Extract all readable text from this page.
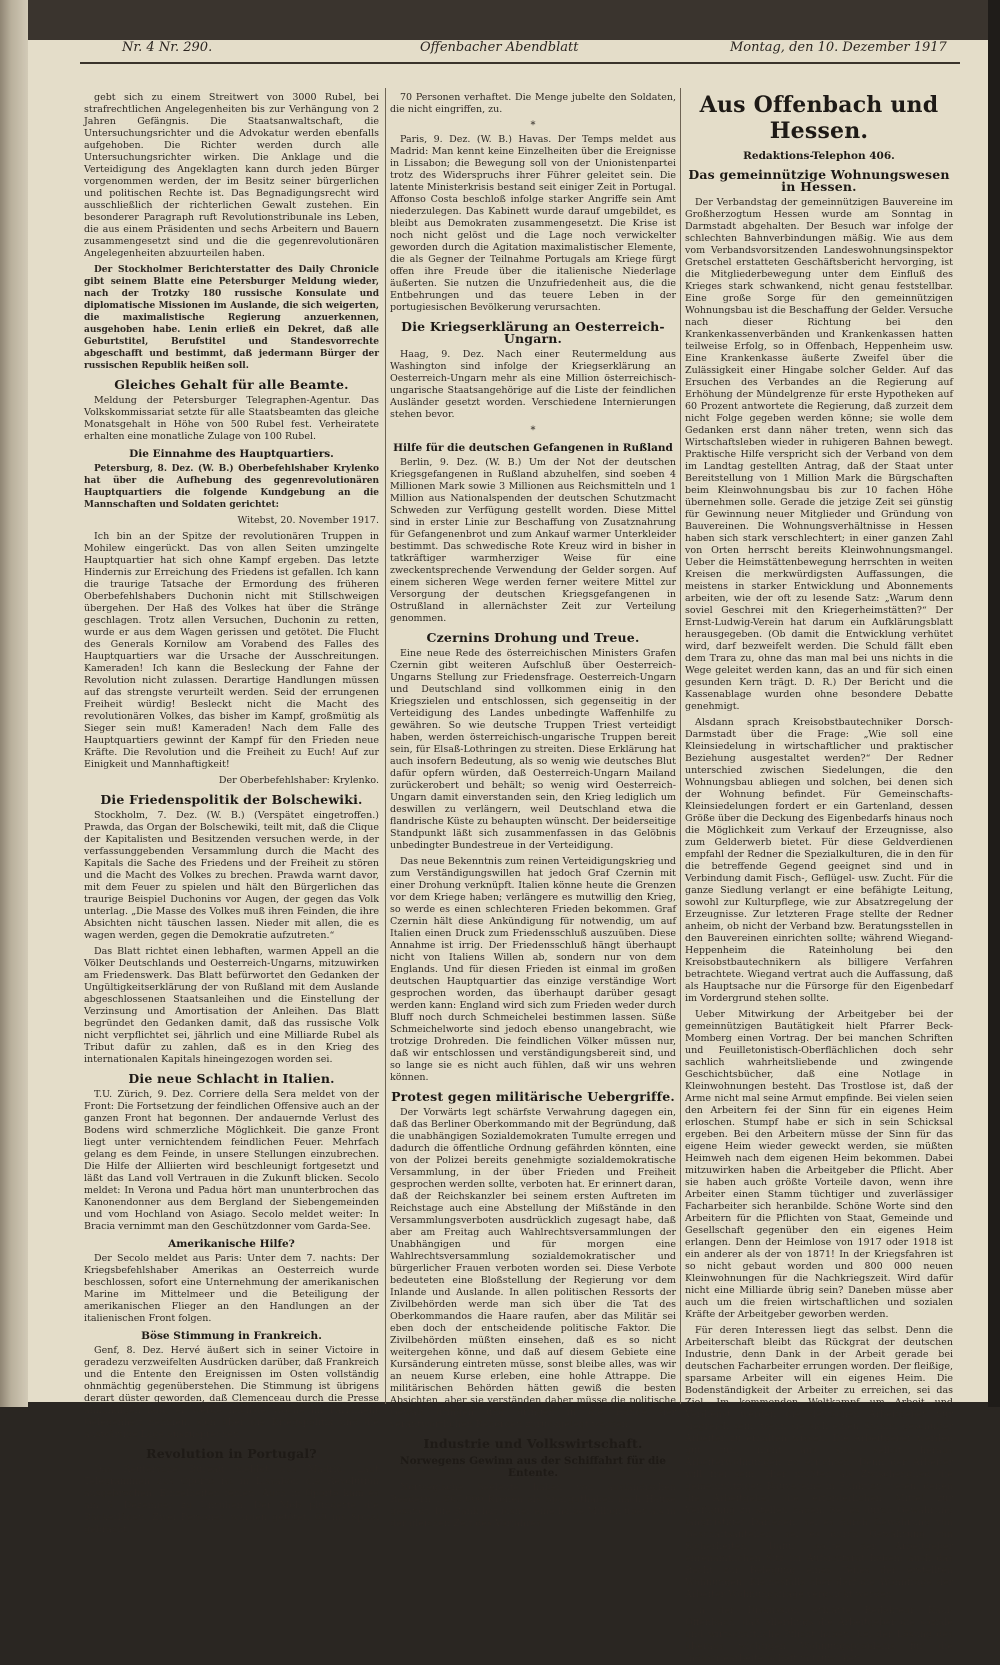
Nr. 4 Nr. 290.	Offenbacher Abendblatt	Montag, den 10. Dezember 1917

gebt sich zu einem Streitwert von 3000 Rubel, bei strafrechtlichen Angelegenheiten bis zur Verhängung von 2 Jahren Gefängnis. Die Staatsanwaltschaft, die Untersuchungsrichter und die Advokatur werden ebenfalls aufgehoben. Die Richter werden durch alle Untersuchungsrichter wirken. Die Anklage und die Verteidigung des Angeklagten kann durch jeden Bürger vorgenommen werden, der im Besitz seiner bürgerlichen und politischen Rechte ist. Das Begnadigungsrecht wird ausschließlich der richterlichen Gewalt zustehen. Ein besonderer Paragraph ruft Revolutionstribunale ins Leben, die aus einem Präsidenten und sechs Arbeitern und Bauern zusammengesetzt sind und die die gegenrevolutionären Angelegenheiten abzuurteilen haben.

Der Stockholmer Berichterstatter des Daily Chronicle gibt seinem Blatte eine Petersburger Meldung wieder, nach der Trotzky 180 russische Konsulate und diplomatische Missionen im Auslande, die sich weigerten, die maximalistische Regierung anzuerkennen, ausgehoben habe. Lenin erließ ein Dekret, daß alle Geburtstitel, Berufstitel und Standesvorrechte abgeschafft und bestimmt, daß jedermann Bürger der russischen Republik heißen soll.

Gleiches Gehalt für alle Beamte.

Meldung der Petersburger Telegraphen-Agentur. Das Volkskommissariat setzte für alle Staatsbeamten das gleiche Monatsgehalt in Höhe von 500 Rubel fest. Verheiratete erhalten eine monatliche Zulage von 100 Rubel.

Die Einnahme des Hauptquartiers.

Petersburg, 8. Dez. (W. B.) Oberbefehlshaber Krylenko hat über die Aufhebung des gegenrevolutionären Hauptquartiers die folgende Kundgebung an die Mannschaften und Soldaten gerichtet:

Witebst, 20. November 1917.

Ich bin an der Spitze der revolutionären Truppen in Mohilew eingerückt. Das von allen Seiten umzingelte Hauptquartier hat sich ohne Kampf ergeben. Das letzte Hindernis zur Erreichung des Friedens ist gefallen. Ich kann die traurige Tatsache der Ermordung des früheren Oberbefehlshabers Duchonin nicht mit Stillschweigen übergehen. Der Haß des Volkes hat über die Stränge geschlagen. Trotz allen Versuchen, Duchonin zu retten, wurde er aus dem Wagen gerissen und getötet. Die Flucht des Generals Kornilow am Vorabend des Falles des Hauptquartiers war die Ursache der Ausschreitungen. Kameraden! Ich kann die Besleckung der Fahne der Revolution nicht zulassen. Derartige Handlungen müssen auf das strengste verurteilt werden. Seid der errungenen Freiheit würdig! Besleckt nicht die Macht des revolutionären Volkes, das bisher im Kampf, großmütig als Sieger sein muß! Kameraden! Nach dem Falle des Hauptquartiers gewinnt der Kampf für den Frieden neue Kräfte. Die Revolution und die Freiheit zu Euch! Auf zur Einigkeit und Mannhaftigkeit!

Der Oberbefehlshaber: Krylenko.
Die Friedenspolitik der Bolschewiki.

Stockholm, 7. Dez. (W. B.) (Verspätet eingetroffen.) Prawda, das Organ der Bolschewiki, teilt mit, daß die Clique der Kapitalisten und Besitzenden versuchen werde, in der verfassunggebenden Versammlung durch die Macht des Kapitals die Sache des Friedens und der Freiheit zu stören und die Macht des Volkes zu brechen. Prawda warnt davor, mit dem Feuer zu spielen und hält den Bürgerlichen das traurige Beispiel Duchonins vor Augen, der gegen das Volk unterlag. „Die Masse des Volkes muß ihren Feinden, die ihre Absichten nicht täuschen lassen. Nieder mit allen, die es wagen werden, gegen die Demokratie aufzutreten.“

Das Blatt richtet einen lebhaften, warmen Appell an die Völker Deutschlands und Oesterreich-Ungarns, mitzuwirken am Friedenswerk. Das Blatt befürwortet den Gedanken der Ungültigkeitserklärung der von Rußland mit dem Auslande abgeschlossenen Staatsanleihen und die Einstellung der Verzinsung und Amortisation der Anleihen. Das Blatt begründet den Gedanken damit, daß das russische Volk nicht verpflichtet sei, jährlich und eine Milliarde Rubel als Tribut dafür zu zahlen, daß es in den Krieg des internationalen Kapitals hineingezogen worden sei.

Die neue Schlacht in Italien.

T.U. Zürich, 9. Dez. Corriere della Sera meldet von der Front: Die Fortsetzung der feindlichen Offensive auch an der ganzen Front hat begonnen. Der andauernde Verlust des Bodens wird schmerzliche Möglichkeit. Die ganze Front liegt unter vernichtendem feindlichen Feuer. Mehrfach gelang es dem Feinde, in unsere Stellungen einzubrechen. Die Hilfe der Alliierten wird beschleunigt fortgesetzt und läßt das Land voll Vertrauen in die Zukunft blicken. Secolo meldet: In Verona und Padua hört man ununterbrochen das Kanonendonner aus dem Bergland der Siebengemeinden und vom Hochland von Asiago. Secolo meldet weiter: In Bracia vernimmt man den Geschützdonner vom Garda-See.

Amerikanische Hilfe?

Der Secolo meldet aus Paris: Unter dem 7. nachts: Der Kriegsbefehlshaber Amerikas an Oesterreich wurde beschlossen, sofort eine Unternehmung der amerikanischen Marine im Mittelmeer und die Beteiligung der amerikanischen Flieger an den Handlungen an der italienischen Front folgen.

Böse Stimmung in Frankreich.

Genf, 8. Dez. Hervé äußert sich in seiner Victoire in geradezu verzweifelten Ausdrücken darüber, daß Frankreich und die Entente den Ereignissen im Osten vollständig ohnmächtig gegenüberstehen. Die Stimmung ist übrigens derart düster geworden, daß Clemenceau durch die Presse ankündigen läßt, er werde nächste Woche im Parlament Gelegenheit nehmen, sich über die Kriegspolitik und die auswärtige Lage auszusprechen.

Revolution in Portugal?

Das Reutersche Bureau meldet aus Madrid: Laut Telegrammen aus Oporto ist in Lissabon die Revolution ausgebrochen. Einzelheiten fehlen. Auch in Oporto kam es am 5. Dezember zu Unruhen. Der Mob plünderte die Bäckerläden. Zwei Personen wurden getötet, 60 ins Spital gebracht.

70 Personen verhaftet. Die Menge jubelte den Soldaten, die nicht eingriffen, zu.

*

Paris, 9. Dez. (W. B.) Havas. Der Temps meldet aus Madrid: Man kennt keine Einzelheiten über die Ereignisse in Lissabon; die Bewegung soll von der Unionistenpartei trotz des Widerspruchs ihrer Führer geleitet sein. Die latente Ministerkrisis bestand seit einiger Zeit in Portugal. Affonso Costa beschloß infolge starker Angriffe sein Amt niederzulegen. Das Kabinett wurde darauf umgebildet, es bleibt aus Demokraten zusammengesetzt. Die Krise ist noch nicht gelöst und die Lage noch verwickelter geworden durch die Agitation maximalistischer Elemente, die als Gegner der Teilnahme Portugals am Kriege fürgt offen ihre Freude über die italienische Niederlage äußerten. Sie nutzen die Unzufriedenheit aus, die die Entbehrungen und das teuere Leben in der portugiesischen Bevölkerung verursachten.

Die Kriegserklärung an Oesterreich-Ungarn.

Haag, 9. Dez. Nach einer Reutermeldung aus Washington sind infolge der Kriegserklärung an Oesterreich-Ungarn mehr als eine Million österreichisch-ungarische Staatsangehörige auf die Liste der feindlichen Ausländer gesetzt worden. Verschiedene Internierungen stehen bevor.

*
Hilfe für die deutschen Gefangenen in Rußland

Berlin, 9. Dez. (W. B.) Um der Not der deutschen Kriegsgefangenen in Rußland abzuhelfen, sind soeben 4 Millionen Mark sowie 3 Millionen aus Reichsmitteln und 1 Million aus Nationalspenden der deutschen Schutzmacht Schweden zur Verfügung gestellt worden. Diese Mittel sind in erster Linie zur Beschaffung von Zusatznahrung für Gefangenenbrot und zum Ankauf warmer Unterkleider bestimmt. Das schwedische Rote Kreuz wird in bisher in tatkräftiger warmherziger Weise für eine zweckentsprechende Verwendung der Gelder sorgen. Auf einem sicheren Wege werden ferner weitere Mittel zur Versorgung der deutschen Kriegsgefangenen in Ostrußland in allernächster Zeit zur Verteilung genommen.

Czernins Drohung und Treue.

Eine neue Rede des österreichischen Ministers Grafen Czernin gibt weiteren Aufschluß über Oesterreich-Ungarns Stellung zur Friedensfrage. Oesterreich-Ungarn und Deutschland sind vollkommen einig in den Kriegszielen und entschlossen, sich gegenseitig in der Verteidigung des Landes unbedingte Waffenhilfe zu gewähren. So wie deutsche Truppen Triest verteidigt haben, werden österreichisch-ungarische Truppen bereit sein, für Elsaß-Lothringen zu streiten. Diese Erklärung hat auch insofern Bedeutung, als so wenig wie deutsches Blut dafür opfern würden, daß Oesterreich-Ungarn Mailand zurückerobert und behält; so wenig wird Oesterreich-Ungarn damit einverstanden sein, den Krieg lediglich um deswillen zu verlängern, weil Deutschland etwa die flandrische Küste zu behaupten wünscht. Der beiderseitige Standpunkt läßt sich zusammenfassen in das Gelöbnis unbedingter Bundestreue in der Verteidigung.

Das neue Bekenntnis zum reinen Verteidigungskrieg und zum Verständigungswillen hat jedoch Graf Czernin mit einer Drohung verknüpft. Italien könne heute die Grenzen vor dem Kriege haben; verlängere es mutwillig den Krieg, so werde es einen schlechteren Frieden bekommen. Graf Czernin hält diese Ankündigung für notwendig, um auf Italien einen Druck zum Friedensschluß auszuüben. Diese Annahme ist irrig. Der Friedensschluß hängt überhaupt nicht von Italiens Willen ab, sondern nur von dem Englands. Und für diesen Frieden ist einmal im großen deutschen Hauptquartier das einzige verständige Wort gesprochen worden, das überhaupt darüber gesagt werden kann: England wird sich zum Frieden weder durch Bluff noch durch Schmeichelei bestimmen lassen. Süße Schmeichelworte sind jedoch ebenso unangebracht, wie trotzige Drohreden. Die feindlichen Völker müssen nur, daß wir entschlossen und verständigungsbereit sind, und so lange sie es nicht auch fühlen, daß wir uns wehren können.

Protest gegen militärische Uebergriffe.

Der Vorwärts legt schärfste Verwahrung dagegen ein, daß das Berliner Oberkommando mit der Begründung, daß die unabhängigen Sozialdemokraten Tumulte erregen und dadurch die öffentliche Ordnung gefährden könnten, eine von der Polizei bereits genehmigte sozialdemokratische Versammlung, in der über Frieden und Freiheit gesprochen werden sollte, verboten hat. Er erinnert daran, daß der Reichskanzler bei seinem ersten Auftreten im Reichstage auch eine Abstellung der Mißstände in den Versammlungsverboten ausdrücklich zugesagt habe, daß aber am Freitag auch Wahlrechtsversammlungen der Unabhängigen und für morgen eine Wahlrechtsversammlung sozialdemokratischer und bürgerlicher Frauen verboten worden sei. Diese Verbote bedeuteten eine Bloßstellung der Regierung vor dem Inlande und Auslande. In allen politischen Ressorts der Zivilbehörden werde man sich über die Tat des Oberkommandos die Haare raufen, aber das Militär sei eben doch der entscheidende politische Faktor. Die Zivilbehörden müßten einsehen, daß es so nicht weitergehen könne, und daß auf diesem Gebiete eine Kursänderung eintreten müsse, sonst bleibe alles, was wir an neuem Kurse erleben, eine hohle Attrappe. Die militärischen Behörden hätten gewiß die besten Absichten, aber sie verständen daher müsse die politische Gewalt dringen und dringen in die Hände der verantwortlichen Behörden zurückgelegt werden.

Industrie und Volkswirtschaft.
Norwegens Gewinn aus der Schiffahrt für die Entente.

Norwegische Seeleute haben von ausländischen Reedern 1.865.000 Kronen als Sparguthaben nach Hause gesandt. Die Bank hat bisher eine halbe Million über als in der gleichen Zeit des Vorjahres.

Aus Offenbach und Hessen.
Redaktions-Telephon 406.
Das gemeinnützige Wohnungswesen in Hessen.

Der Verbandstag der gemeinnützigen Bauvereine im Großherzogtum Hessen wurde am Sonntag in Darmstadt abgehalten. Der Besuch war infolge der schlechten Bahnverbindungen mäßig. Wie aus dem vom Verbandsvorsitzenden Landeswohnungsinspektor Gretschel erstatteten Geschäftsbericht hervorging, ist die Mitgliederbewegung unter dem Einfluß des Krieges stark schwankend, nicht genau feststellbar. Eine große Sorge für den gemeinnützigen Wohnungsbau ist die Beschaffung der Gelder. Versuche nach dieser Richtung bei den Krankenkassenverbänden und Krankenkassen hatten teilweise Erfolg, so in Offenbach, Heppenheim usw. Eine Krankenkasse äußerte Zweifel über die Zulässigkeit einer Hingabe solcher Gelder. Auf das Ersuchen des Verbandes an die Regierung auf Erhöhung der Mündelgrenze für erste Hypotheken auf 60 Prozent antwortete die Regierung, daß zurzeit dem nicht Folge gegeben werden könne; sie wolle dem Gedanken erst dann näher treten, wenn sich das Wirtschaftsleben wieder in ruhigeren Bahnen bewegt. Praktische Hilfe verspricht sich der Verband von dem im Landtag gestellten Antrag, daß der Staat unter Bereitstellung von 1 Million Mark die Bürgschaften beim Kleinwohnungsbau bis zur 10 fachen Höhe übernehmen solle. Gerade die jetzige Zeit sei günstig für Gewinnung neuer Mitglieder und Gründung von Bauvereinen. Die Wohnungsverhältnisse in Hessen haben sich stark verschlechtert; in einer ganzen Zahl von Orten herrscht bereits Kleinwohnungsmangel. Ueber die Heimstättenbewegung herrschten in weiten Kreisen die merkwürdigsten Auffassungen, die meistens in starker Entwicklung und Abonnements arbeiten, wie der oft zu lesende Satz: „Warum denn soviel Geschrei mit den Kriegerheimstätten?“ Der Ernst-Ludwig-Verein hat darum ein Aufklärungsblatt herausgegeben. (Ob damit die Entwicklung verhütet wird, darf bezweifelt werden. Die Schuld fällt eben dem Trara zu, ohne das man mal bei uns nichts in die Wege geleitet werden kann, das an und für sich einen gesunden Kern trägt. D. R.) Der Bericht und die Kassenablage wurden ohne besondere Debatte genehmigt.

Alsdann sprach Kreisobstbautechniker Dorsch-Darmstadt über die Frage: „Wie soll eine Kleinsiedelung in wirtschaftlicher und praktischer Beziehung ausgestaltet werden?“ Der Redner unterschied zwischen Siedelungen, die den Wohnungsbau abliegen und solchen, bei denen sich der Wohnung befindet. Für Gemeinschafts-Kleinsiedelungen fordert er ein Gartenland, dessen Größe über die Deckung des Eigenbedarfs hinaus noch die Möglichkeit zum Verkauf der Erzeugnisse, also zum Gelderwerb bietet. Für diese Geldverdienen empfahl der Redner die Spezialkulturen, die in den für die betreffende Gegend geeignet sind und in Verbindung damit Fisch-, Geflügel- usw. Zucht. Für die ganze Siedlung verlangt er eine befähigte Leitung, sowohl zur Kulturpflege, wie zur Absatzregelung der Erzeugnisse. Zur letzteren Frage stellte der Redner anheim, ob nicht der Verband bzw. Beratungsstellen in den Bauvereinen einrichten sollte; während Wiegand-Heppenheim die Rateinholung bei den Kreisobstbautechnikern als billigere Verfahren betrachtete. Wiegand vertrat auch die Auffassung, daß als Hauptsache nur die Fürsorge für den Eigenbedarf im Vordergrund stehen sollte.

Ueber Mitwirkung der Arbeitgeber bei der gemeinnützigen Bautätigkeit hielt Pfarrer Beck-Momberg einen Vortrag. Der bei manchen Schriften und Feuilletonistisch-Oberflächlichen doch sehr sachlich wahrheitsliebende und zwingende Geschichtsbücher, daß eine Notlage in Kleinwohnungen besteht. Das Trostlose ist, daß der Arme nicht mal seine Armut empfinde. Bei vielen seien den Arbeitern fei der Sinn für ein eigenes Heim erloschen. Stumpf habe er sich in sein Schicksal ergeben. Bei den Arbeitern müsse der Sinn für das eigene Heim wieder geweckt werden, sie müßten Heimweh nach dem eigenen Heim bekommen. Dabei mitzuwirken haben die Arbeitgeber die Pflicht. Aber sie haben auch größte Vorteile davon, wenn ihre Arbeiter einen Stamm tüchtiger und zuverlässiger Facharbeiter sich heranbilde. Schöne Worte sind den Arbeitern für die Pflichten von Staat, Gemeinde und Gesellschaft gegenüber den ein eigenes Heim erlangen. Denn der Heimlose von 1917 oder 1918 ist ein anderer als der von 1871! In der Kriegsfahren ist so nicht gebaut worden und 800 000 neuen Kleinwohnungen für die Nachkriegszeit. Wird dafür nicht eine Milliarde übrig sein? Daneben müsse aber auch um die freien wirtschaftlichen und sozialen Kräfte der Arbeitgeber geworben werden.

Für deren Interessen liegt das selbst. Denn die Arbeiterschaft bleibt das Rückgrat der deutschen Industrie, denn Dank in der Arbeit gerade bei deutschen Facharbeiter errungen worden. Der fleißige, sparsame Arbeiter will ein eigenes Heim. Die Bodenständigkeit der Arbeiter zu erreichen, sei das Ziel. Im kommenden Weltkampf um Arbeit und Verdienst werden die deutschen Arbeitgeber nur siegreich sein, wenn sie sich einen Stamm geschulter Arbeiter zu erhalten wissen. Die Arbeitgeber werden gut tun, nicht aus sich selbst heraus Arbeiterwohnungen zu errichten. Denn der Arbeiter will frei sein. Hier müßten als Zwischenglied die gemeinnützigen Bauvereine in Funktion treten, denen die Arbeitgeber die erforderlichen Mittel zur Verfügung zu stellen haben. Sei es durch Gewährung langfristiger Darlehen, sei es durch Gewährung von Geschäftsanteilen, sei es durch Gewährung von Sicherheiten. Dafür sollte der Arbeitgeber ehrenamtlichen Sitz im Aufsichtsrat haben; auch das Recht zur Belegung eines Teiles der erstellten Wohnungen. Kleinesfalls aber darf die Wohnfrage der Arbeiter Wohnungsfrage verquickt werden.

In der Diskussion erklärte Redakteur Kaul-Offenbach, daß allerdings die Arbeitgeber die soziale und wirtschaftliche Pflicht haben, bei der Lösung des überaus wichtigen Wohnungsproblems für die Industriearbeiterschaft mitzuwirken.
